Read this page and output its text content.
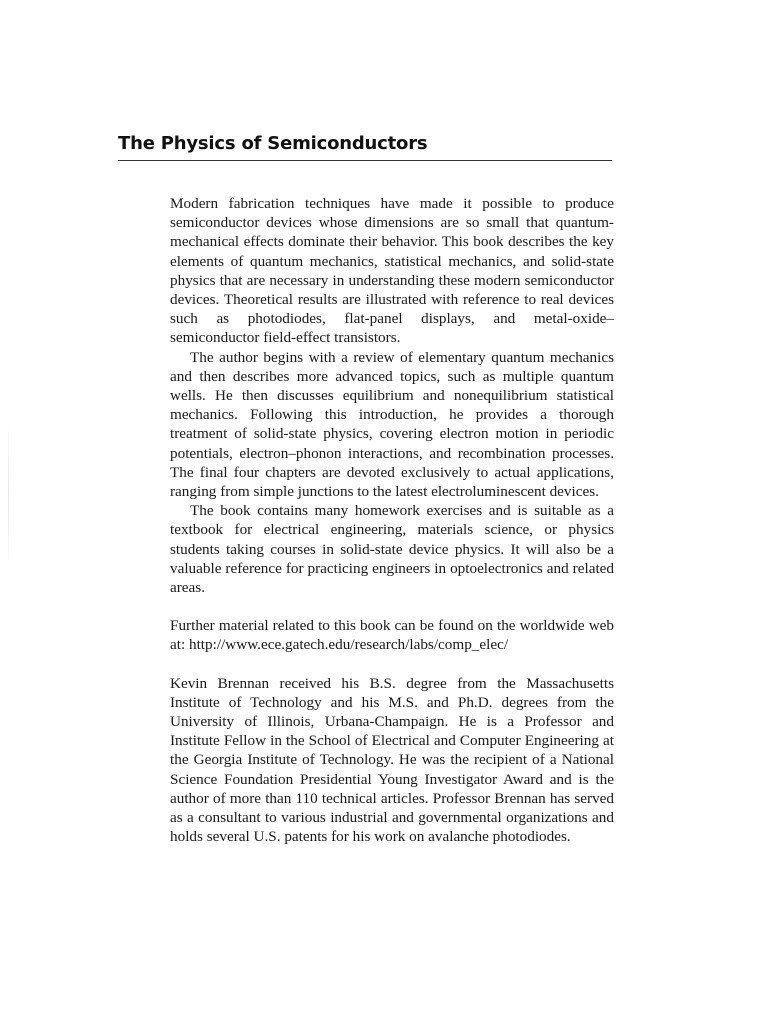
The Physics of Semiconductors

Modern fabrication techniques have made it possible to produce semiconductor devices whose dimensions are so small that quantum-mechanical effects dominate their behavior. This book describes the key elements of quantum mechanics, statistical mechanics, and solid-state physics that are necessary in understanding these modern semiconductor devices. Theoretical results are illustrated with reference to real devices such as photodiodes, flat-panel displays, and metal-oxide–semiconductor field-effect transistors.

The author begins with a review of elementary quantum mechanics and then describes more advanced topics, such as multiple quantum wells. He then discusses equilibrium and nonequilibrium statistical mechanics. Following this introduction, he provides a thorough treatment of solid-state physics, covering electron motion in periodic potentials, electron–phonon interactions, and recombination processes. The final four chapters are devoted exclusively to actual applications, ranging from simple junctions to the latest electroluminescent devices.

The book contains many homework exercises and is suitable as a textbook for electrical engineering, materials science, or physics students taking courses in solid-state device physics. It will also be a valuable reference for practicing engineers in optoelectronics and related areas.

Further material related to this book can be found on the worldwide web at: http://www.ece.gatech.edu/research/labs/comp_elec/

Kevin Brennan received his B.S. degree from the Massachusetts Institute of Technology and his M.S. and Ph.D. degrees from the University of Illinois, Urbana-Champaign. He is a Professor and Institute Fellow in the School of Electrical and Computer Engineering at the Georgia Institute of Technology. He was the recipient of a National Science Foundation Presidential Young Investigator Award and is the author of more than 110 technical articles. Professor Brennan has served as a consultant to various industrial and governmental organizations and holds several U.S. patents for his work on avalanche photodiodes.
